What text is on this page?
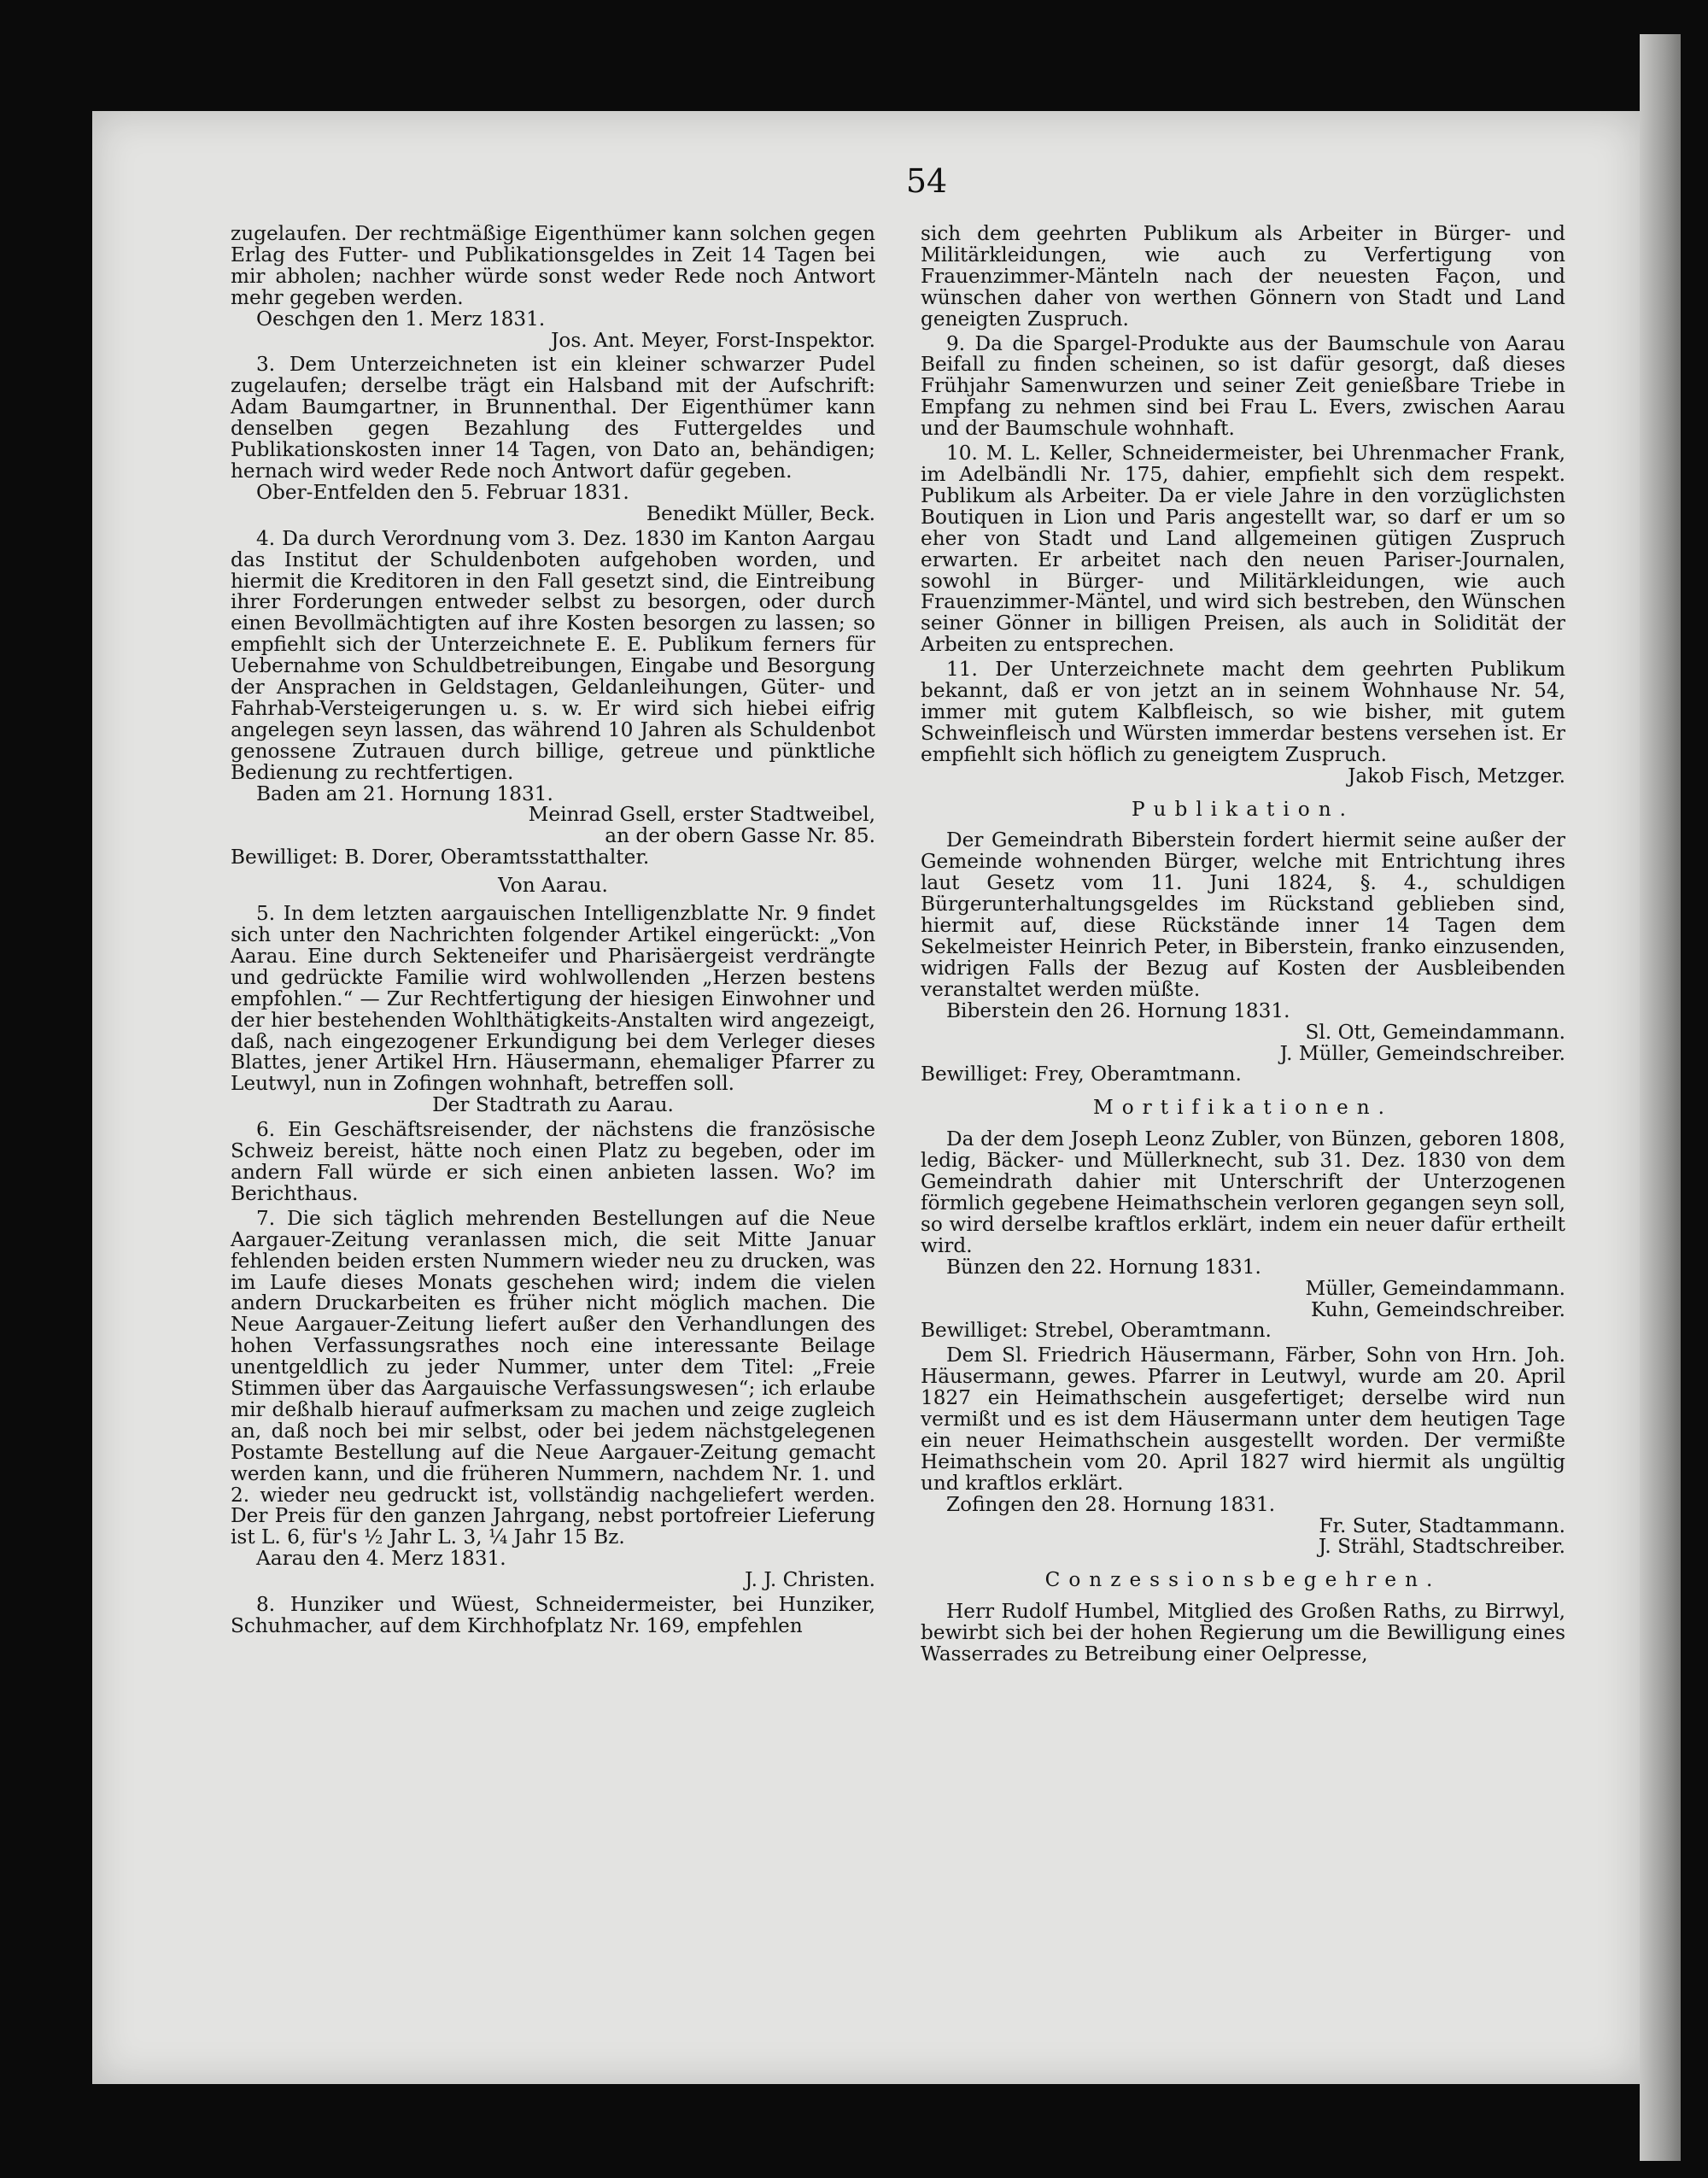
54

zugelaufen. Der rechtmäßige Eigenthümer kann solchen gegen Erlag des Futter- und Publikationsgeldes in Zeit 14 Tagen bei mir abholen; nachher würde sonst weder Rede noch Antwort mehr gegeben werden.

Oeschgen den 1. Merz 1831.

Jos. Ant. Meyer, Forst-Inspektor.

3. Dem Unterzeichneten ist ein kleiner schwarzer Pudel zugelaufen; derselbe trägt ein Halsband mit der Aufschrift: Adam Baumgartner, in Brunnenthal. Der Eigenthümer kann denselben gegen Bezahlung des Futtergeldes und Publikationskosten inner 14 Tagen, von Dato an, behändigen; hernach wird weder Rede noch Antwort dafür gegeben.

Ober-Entfelden den 5. Februar 1831.

Benedikt Müller, Beck.

4. Da durch Verordnung vom 3. Dez. 1830 im Kanton Aargau das Institut der Schuldenboten aufgehoben worden, und hiermit die Kreditoren in den Fall gesetzt sind, die Eintreibung ihrer Forderungen entweder selbst zu besorgen, oder durch einen Bevollmächtigten auf ihre Kosten besorgen zu lassen; so empfiehlt sich der Unterzeichnete E. E. Publikum ferners für Uebernahme von Schuldbetreibungen, Eingabe und Besorgung der Ansprachen in Geldstagen, Geldanleihungen, Güter- und Fahrhab-Versteigerungen u. s. w. Er wird sich hiebei eifrig angelegen seyn lassen, das während 10 Jahren als Schuldenbot genossene Zutrauen durch billige, getreue und pünktliche Bedienung zu rechtfertigen.

Baden am 21. Hornung 1831.

Meinrad Gsell, erster Stadtweibel,

an der obern Gasse Nr. 85.

Bewilliget: B. Dorer, Oberamtsstatthalter.

Von Aarau.

5. In dem letzten aargauischen Intelligenzblatte Nr. 9 findet sich unter den Nachrichten folgender Artikel eingerückt: „Von Aarau. Eine durch Sekteneifer und Pharisäergeist verdrängte und gedrückte Familie wird wohlwollenden „Herzen bestens empfohlen.“ — Zur Rechtfertigung der hiesigen Einwohner und der hier bestehenden Wohlthätigkeits-Anstalten wird angezeigt, daß, nach eingezogener Erkundigung bei dem Verleger dieses Blattes, jener Artikel Hrn. Häusermann, ehemaliger Pfarrer zu Leutwyl, nun in Zofingen wohnhaft, betreffen soll.

Der Stadtrath zu Aarau.

6. Ein Geschäftsreisender, der nächstens die französische Schweiz bereist, hätte noch einen Platz zu begeben, oder im andern Fall würde er sich einen anbieten lassen. Wo? im Berichthaus.

7. Die sich täglich mehrenden Bestellungen auf die Neue Aargauer-Zeitung veranlassen mich, die seit Mitte Januar fehlenden beiden ersten Nummern wieder neu zu drucken, was im Laufe dieses Monats geschehen wird; indem die vielen andern Druckarbeiten es früher nicht möglich machen. Die Neue Aargauer-Zeitung liefert außer den Verhandlungen des hohen Verfassungsrathes noch eine interessante Beilage unentgeldlich zu jeder Nummer, unter dem Titel: „Freie Stimmen über das Aargauische Verfassungswesen“; ich erlaube mir deßhalb hierauf aufmerksam zu machen und zeige zugleich an, daß noch bei mir selbst, oder bei jedem nächstgelegenen Postamte Bestellung auf die Neue Aargauer-Zeitung gemacht werden kann, und die früheren Nummern, nachdem Nr. 1. und 2. wieder neu gedruckt ist, vollständig nachgeliefert werden. Der Preis für den ganzen Jahrgang, nebst portofreier Lieferung ist L. 6, für's ½ Jahr L. 3, ¼ Jahr 15 Bz.

Aarau den 4. Merz 1831.

J. J. Christen.

8. Hunziker und Wüest, Schneidermeister, bei Hunziker, Schuhmacher, auf dem Kirchhofplatz Nr. 169, empfehlen

sich dem geehrten Publikum als Arbeiter in Bürger- und Militärkleidungen, wie auch zu Verfertigung von Frauenzimmer-Mänteln nach der neuesten Façon, und wünschen daher von werthen Gönnern von Stadt und Land geneigten Zuspruch.

9. Da die Spargel-Produkte aus der Baumschule von Aarau Beifall zu finden scheinen, so ist dafür gesorgt, daß dieses Frühjahr Samenwurzen und seiner Zeit genießbare Triebe in Empfang zu nehmen sind bei Frau L. Evers, zwischen Aarau und der Baumschule wohnhaft.

10. M. L. Keller, Schneidermeister, bei Uhrenmacher Frank, im Adelbändli Nr. 175, dahier, empfiehlt sich dem respekt. Publikum als Arbeiter. Da er viele Jahre in den vorzüglichsten Boutiquen in Lion und Paris angestellt war, so darf er um so eher von Stadt und Land allgemeinen gütigen Zuspruch erwarten. Er arbeitet nach den neuen Pariser-Journalen, sowohl in Bürger- und Militärkleidungen, wie auch Frauenzimmer-Mäntel, und wird sich bestreben, den Wünschen seiner Gönner in billigen Preisen, als auch in Solidität der Arbeiten zu entsprechen.

11. Der Unterzeichnete macht dem geehrten Publikum bekannt, daß er von jetzt an in seinem Wohnhause Nr. 54, immer mit gutem Kalbfleisch, so wie bisher, mit gutem Schweinfleisch und Würsten immerdar bestens versehen ist. Er empfiehlt sich höflich zu geneigtem Zuspruch.

Jakob Fisch, Metzger.

Publikation.

Der Gemeindrath Biberstein fordert hiermit seine außer der Gemeinde wohnenden Bürger, welche mit Entrichtung ihres laut Gesetz vom 11. Juni 1824, §. 4., schuldigen Bürgerunterhaltungsgeldes im Rückstand geblieben sind, hiermit auf, diese Rückstände inner 14 Tagen dem Sekelmeister Heinrich Peter, in Biberstein, franko einzusenden, widrigen Falls der Bezug auf Kosten der Ausbleibenden veranstaltet werden müßte.

Biberstein den 26. Hornung 1831.

Sl. Ott, Gemeindammann.

J. Müller, Gemeindschreiber.

Bewilliget: Frey, Oberamtmann.

Mortifikationen.

Da der dem Joseph Leonz Zubler, von Bünzen, geboren 1808, ledig, Bäcker- und Müllerknecht, sub 31. Dez. 1830 von dem Gemeindrath dahier mit Unterschrift der Unterzogenen förmlich gegebene Heimathschein verloren gegangen seyn soll, so wird derselbe kraftlos erklärt, indem ein neuer dafür ertheilt wird.

Bünzen den 22. Hornung 1831.

Müller, Gemeindammann.

Kuhn, Gemeindschreiber.

Bewilliget: Strebel, Oberamtmann.

Dem Sl. Friedrich Häusermann, Färber, Sohn von Hrn. Joh. Häusermann, gewes. Pfarrer in Leutwyl, wurde am 20. April 1827 ein Heimathschein ausgefertiget; derselbe wird nun vermißt und es ist dem Häusermann unter dem heutigen Tage ein neuer Heimathschein ausgestellt worden. Der vermißte Heimathschein vom 20. April 1827 wird hiermit als ungültig und kraftlos erklärt.

Zofingen den 28. Hornung 1831.

Fr. Suter, Stadtammann.

J. Strähl, Stadtschreiber.

Conzessionsbegehren.

Herr Rudolf Humbel, Mitglied des Großen Raths, zu Birrwyl, bewirbt sich bei der hohen Regierung um die Bewilligung eines Wasserrades zu Betreibung einer Oelpresse,
